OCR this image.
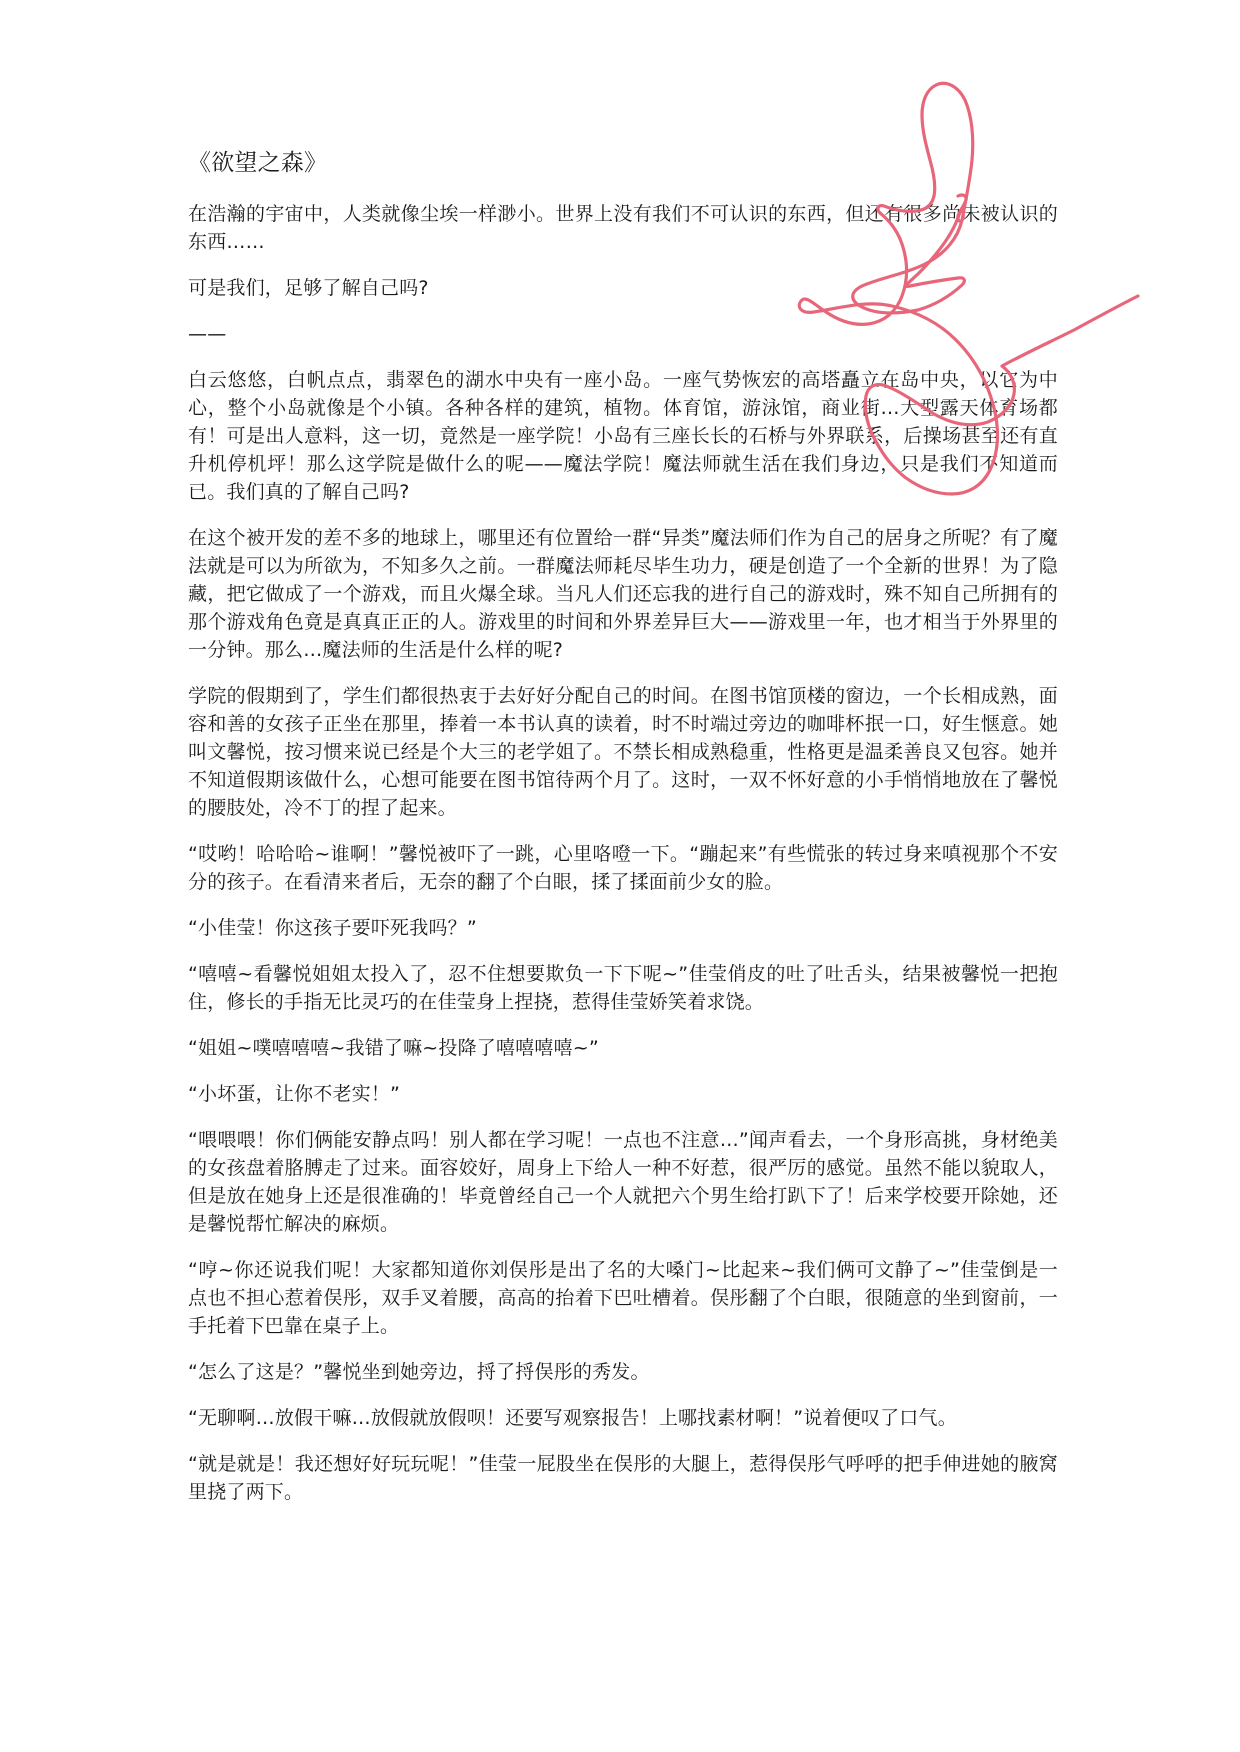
《欲望之森》

在浩瀚的宇宙中，人类就像尘埃一样渺小。世界上没有我们不可认识的东西，但还有很多尚未被认识的东西……

可是我们，足够了解自己吗?

——

白云悠悠，白帆点点，翡翠色的湖水中央有一座小岛。一座气势恢宏的高塔矗立在岛中央，以它为中心，整个小岛就像是个小镇。各种各样的建筑，植物。体育馆，游泳馆，商业街…大型露天体育场都有！可是出人意料，这一切，竟然是一座学院！小岛有三座长长的石桥与外界联系，后操场甚至还有直升机停机坪！那么这学院是做什么的呢——魔法学院！魔法师就生活在我们身边，只是我们不知道而已。我们真的了解自己吗?

在这个被开发的差不多的地球上，哪里还有位置给一群“异类”魔法师们作为自己的居身之所呢？有了魔法就是可以为所欲为，不知多久之前。一群魔法师耗尽毕生功力，硬是创造了一个全新的世界！为了隐藏，把它做成了一个游戏，而且火爆全球。当凡人们还忘我的进行自己的游戏时，殊不知自己所拥有的那个游戏角色竟是真真正正的人。游戏里的时间和外界差异巨大——游戏里一年，也才相当于外界里的一分钟。那么…魔法师的生活是什么样的呢?

学院的假期到了，学生们都很热衷于去好好分配自己的时间。在图书馆顶楼的窗边，一个长相成熟，面容和善的女孩子正坐在那里，捧着一本书认真的读着，时不时端过旁边的咖啡杯抿一口，好生惬意。她叫文馨悦，按习惯来说已经是个大三的老学姐了。不禁长相成熟稳重，性格更是温柔善良又包容。她并不知道假期该做什么，心想可能要在图书馆待两个月了。这时，一双不怀好意的小手悄悄地放在了馨悦的腰肢处，冷不丁的捏了起来。

“哎哟！哈哈哈~谁啊！”馨悦被吓了一跳，心里咯噔一下。“蹦起来”有些慌张的转过身来嗔视那个不安分的孩子。在看清来者后，无奈的翻了个白眼，揉了揉面前少女的脸。

“小佳莹！你这孩子要吓死我吗？”

“嘻嘻~看馨悦姐姐太投入了，忍不住想要欺负一下下呢~”佳莹俏皮的吐了吐舌头，结果被馨悦一把抱住，修长的手指无比灵巧的在佳莹身上捏挠，惹得佳莹娇笑着求饶。

“姐姐~噗嘻嘻嘻~我错了嘛~投降了嘻嘻嘻嘻~”

“小坏蛋，让你不老实！”

“喂喂喂！你们俩能安静点吗！别人都在学习呢！一点也不注意…”闻声看去，一个身形高挑，身材绝美的女孩盘着胳膊走了过来。面容姣好，周身上下给人一种不好惹，很严厉的感觉。虽然不能以貌取人，但是放在她身上还是很准确的！毕竟曾经自己一个人就把六个男生给打趴下了！后来学校要开除她，还是馨悦帮忙解决的麻烦。

“哼~你还说我们呢！大家都知道你刘俣彤是出了名的大嗓门~比起来~我们俩可文静了~”佳莹倒是一点也不担心惹着俣彤，双手叉着腰，高高的抬着下巴吐槽着。俣彤翻了个白眼，很随意的坐到窗前，一手托着下巴靠在桌子上。

“怎么了这是？”馨悦坐到她旁边，捋了捋俣彤的秀发。

“无聊啊…放假干嘛…放假就放假呗！还要写观察报告！上哪找素材啊！”说着便叹了口气。

“就是就是！我还想好好玩玩呢！”佳莹一屁股坐在俣彤的大腿上，惹得俣彤气呼呼的把手伸进她的腋窝里挠了两下。
